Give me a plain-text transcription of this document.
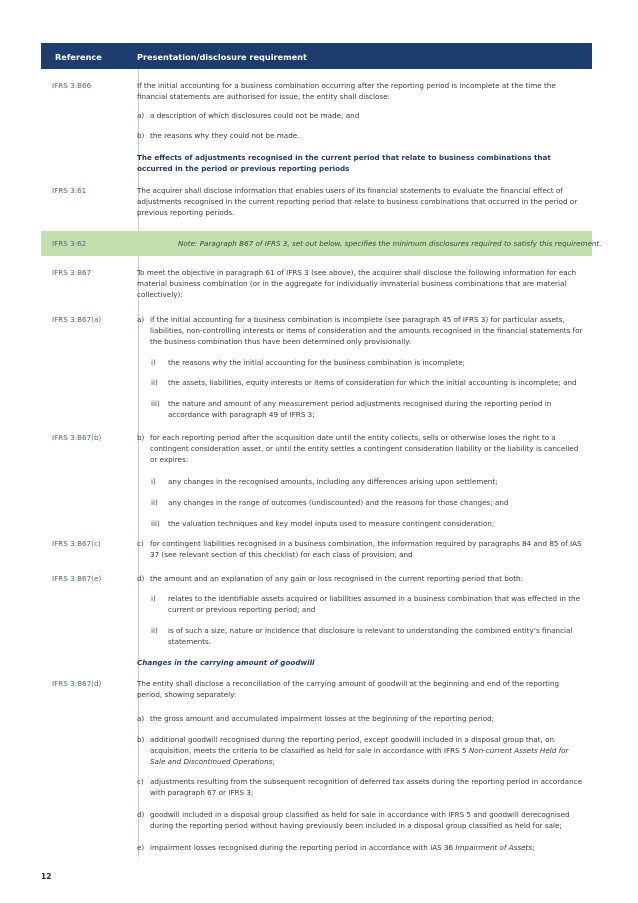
Reference	Presentation/disclosure requirement
IFRS 3:B66	If the initial accounting for a business combination occurring after the reporting period is incomplete at the time the financial statements are authorised for issue, the entity shall disclose:
a) a description of which disclosures could not be made; and
b) the reasons why they could not be made.
The effects of adjustments recognised in the current period that relate to business combinations that occurred in the period or previous reporting periods
IFRS 3:61	The acquirer shall disclose information that enables users of its financial statements to evaluate the financial effect of adjustments recognised in the current reporting period that relate to business combinations that occurred in the period or previous reporting periods.
IFRS 3:62	Note: Paragraph B67 of IFRS 3, set out below, specifies the minimum disclosures required to satisfy this requirement.
IFRS 3:B67	To meet the objective in paragraph 61 of IFRS 3 (see above), the acquirer shall disclose the following information for each material business combination (or in the aggregate for individually immaterial business combinations that are material collectively):
IFRS 3:B67(a)	a) if the initial accounting for a business combination is incomplete (see paragraph 45 of IFRS 3) for particular assets, liabilities, non-controlling interests or items of consideration and the amounts recognised in the financial statements for the business combination thus have been determined only provisionally:
i)	the reasons why the initial accounting for the business combination is incomplete;
ii)	the assets, liabilities, equity interests or items of consideration for which the initial accounting is incomplete; and
iii)	the nature and amount of any measurement period adjustments recognised during the reporting period in accordance with paragraph 49 of IFRS 3;
IFRS 3:B67(b)	b) for each reporting period after the acquisition date until the entity collects, sells or otherwise loses the right to a contingent consideration asset, or until the entity settles a contingent consideration liability or the liability is cancelled or expires:
i)	any changes in the recognised amounts, including any differences arising upon settlement;
ii)	any changes in the range of outcomes (undiscounted) and the reasons for those changes; and
iii)	the valuation techniques and key model inputs used to measure contingent consideration;
IFRS 3:B67(c)	c) for contingent liabilities recognised in a business combination, the information required by paragraphs 84 and 85 of IAS 37 (see relevant section of this checklist) for each class of provision; and
IFRS 3:B67(e)	d) the amount and an explanation of any gain or loss recognised in the current reporting period that both:
i)	relates to the identifiable assets acquired or liabilities assumed in a business combination that was effected in the current or previous reporting period; and
ii)	is of such a size, nature or incidence that disclosure is relevant to understanding the combined entity’s financial statements.
Changes in the carrying amount of goodwill
IFRS 3:B67(d)	The entity shall disclose a reconciliation of the carrying amount of goodwill at the beginning and end of the reporting period, showing separately:
a) the gross amount and accumulated impairment losses at the beginning of the reporting period;
b) additional goodwill recognised during the reporting period, except goodwill included in a disposal group that, on acquisition, meets the criteria to be classified as held for sale in accordance with IFRS 5 Non-current Assets Held for Sale and Discontinued Operations;
c) adjustments resulting from the subsequent recognition of deferred tax assets during the reporting period in accordance with paragraph 67 or IFRS 3;
d) goodwill included in a disposal group classified as held for sale in accordance with IFRS 5 and goodwill derecognised during the reporting period without having previously been included in a disposal group classified as held for sale;
e) impairment losses recognised during the reporting period in accordance with IAS 36 Impairment of Assets;
12
